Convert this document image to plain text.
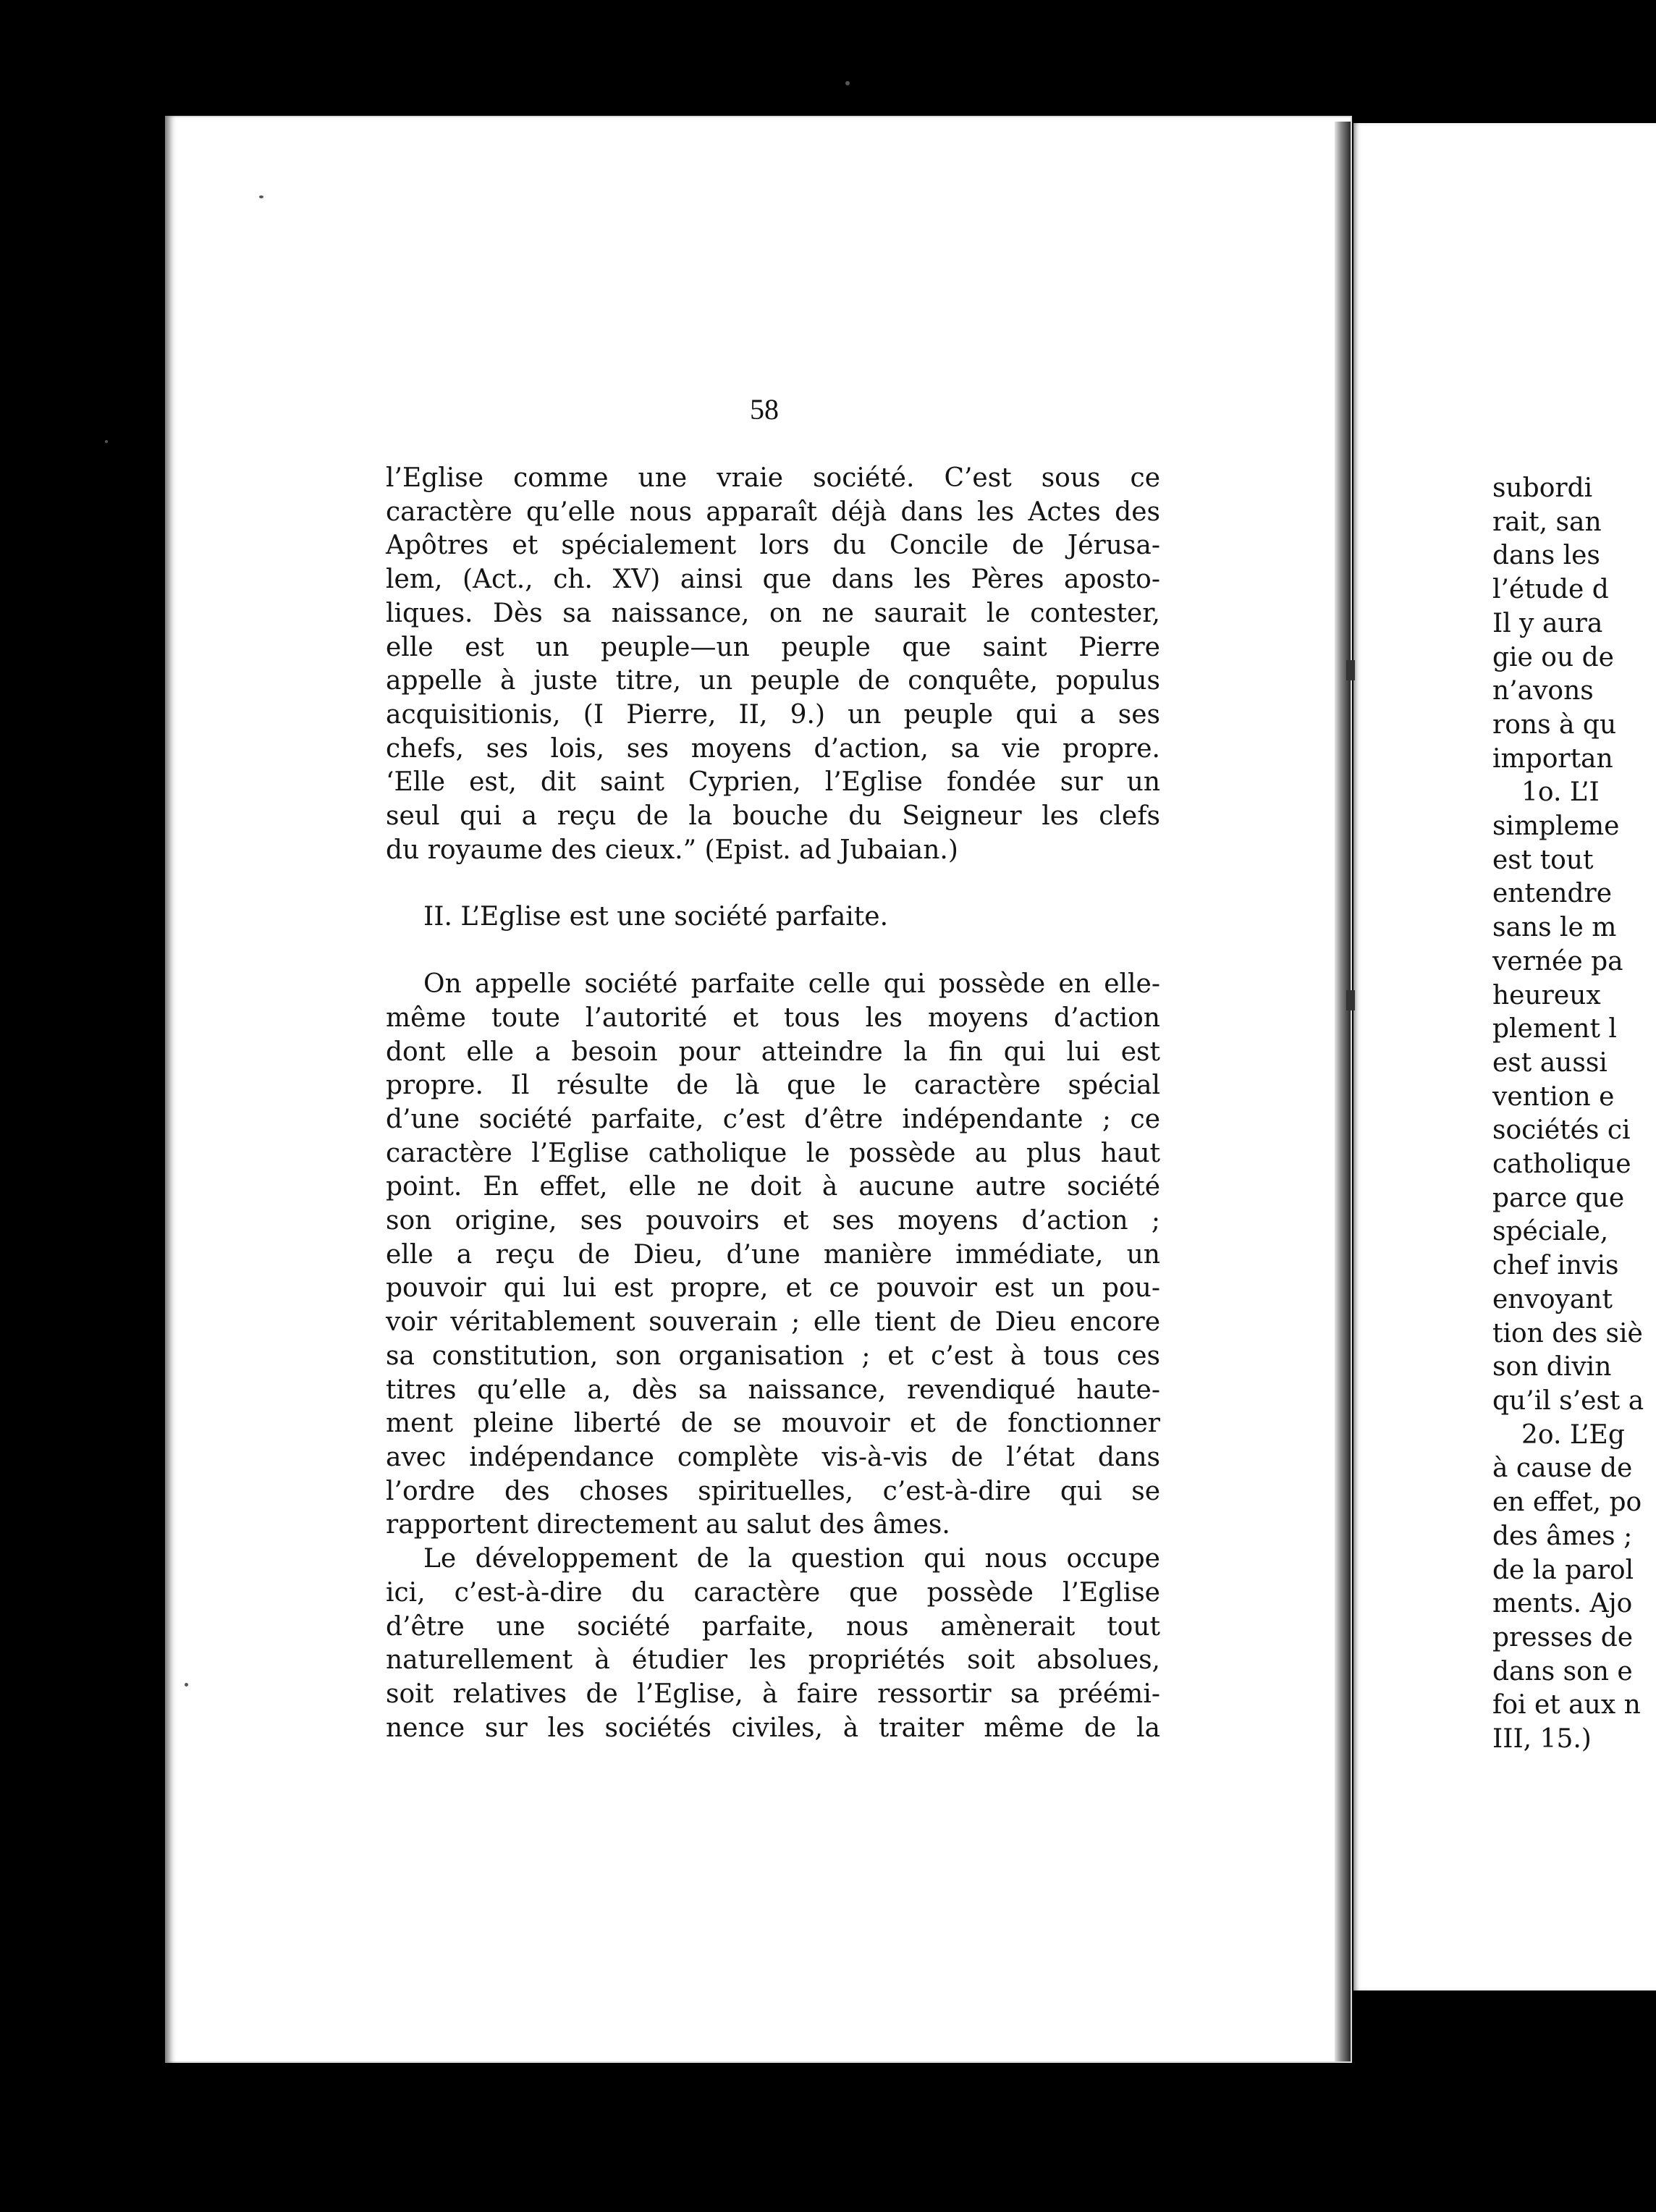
58
l’Eglise comme une vraie société. C’est sous ce
caractère qu’elle nous apparaît déjà dans les Actes des
Apôtres et spécialement lors du Concile de Jérusa-
lem, (Act., ch. XV) ainsi que dans les Pères aposto-
liques. Dès sa naissance, on ne saurait le contester,
elle est un peuple—un peuple que saint Pierre
appelle à juste titre, un peuple de conquête, populus
acquisitionis, (I Pierre, II, 9.) un peuple qui a ses
chefs, ses lois, ses moyens d’action, sa vie propre.
‘Elle est, dit saint Cyprien, l’Eglise fondée sur un
seul qui a reçu de la bouche du Seigneur les clefs
du royaume des cieux.” (Epist. ad Jubaian.)
II. L’Eglise est une société parfaite.
On appelle société parfaite celle qui possède en elle-
même toute l’autorité et tous les moyens d’action
dont elle a besoin pour atteindre la fin qui lui est
propre. Il résulte de là que le caractère spécial
d’une société parfaite, c’est d’être indépendante ; ce
caractère l’Eglise catholique le possède au plus haut
point. En effet, elle ne doit à aucune autre société
son origine, ses pouvoirs et ses moyens d’action ;
elle a reçu de Dieu, d’une manière immédiate, un
pouvoir qui lui est propre, et ce pouvoir est un pou-
voir véritablement souverain ; elle tient de Dieu encore
sa constitution, son organisation ; et c’est à tous ces
titres qu’elle a, dès sa naissance, revendiqué haute-
ment pleine liberté de se mouvoir et de fonctionner
avec indépendance complète vis-à-vis de l’état dans
l’ordre des choses spirituelles, c’est-à-dire qui se
rapportent directement au salut des âmes.
Le développement de la question qui nous occupe
ici, c’est-à-dire du caractère que possède l’Eglise
d’être une société parfaite, nous amènerait tout
naturellement à étudier les propriétés soit absolues,
soit relatives de l’Eglise, à faire ressortir sa préémi-
nence sur les sociétés civiles, à traiter même de la
subordi
rait, san
dans les
l’étude d
Il y aura
gie ou de
n’avons
rons à qu
importan
1o. L’I
simpleme
est tout
entendre
sans le m
vernée pa
heureux
plement l
est aussi
vention e
sociétés ci
catholique
parce que
spéciale,
chef invis
envoyant
tion des siè
son divin
qu’il s’est a
2o. L’Eg
à cause de
en effet, po
des âmes ;
de la parol
ments. Ajo
presses de
dans son e
foi et aux n
III, 15.)
